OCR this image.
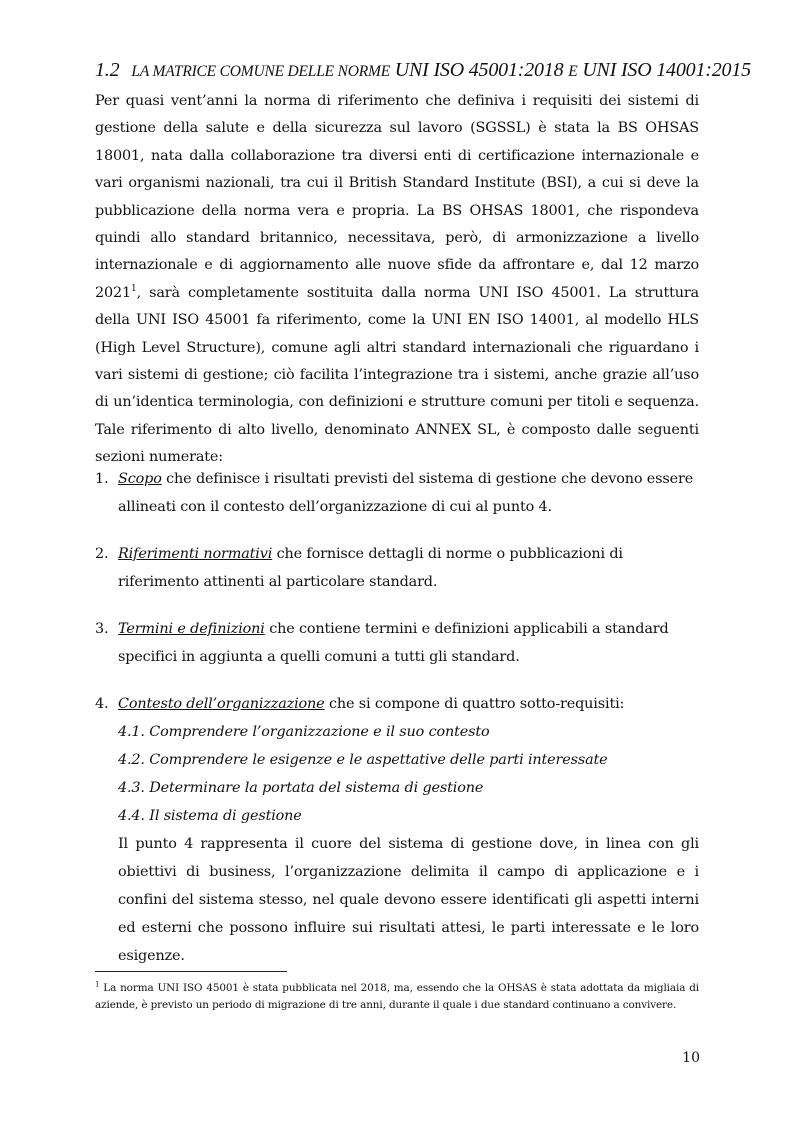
1.2 LA MATRICE COMUNE DELLE NORME UNI ISO 45001:2018 E UNI ISO 14001:2015
Per quasi vent’anni la norma di riferimento che definiva i requisiti dei sistemi di gestione della salute e della sicurezza sul lavoro (SGSSL) è stata la BS OHSAS 18001, nata dalla collaborazione tra diversi enti di certificazione internazionale e vari organismi nazionali, tra cui il British Standard Institute (BSI), a cui si deve la pubblicazione della norma vera e propria. La BS OHSAS 18001, che rispondeva quindi allo standard britannico, necessitava, però, di armonizzazione a livello internazionale e di aggiornamento alle nuove sfide da affrontare e, dal 12 marzo 2021$^1$, sarà completamente sostituita dalla norma UNI ISO 45001. La struttura della UNI ISO 45001 fa riferimento, come la UNI EN ISO 14001, al modello HLS (High Level Structure), comune agli altri standard internazionali che riguardano i vari sistemi di gestione; ciò facilita l’integrazione tra i sistemi, anche grazie all’uso di un’identica terminologia, con definizioni e strutture comuni per titoli e sequenza. Tale riferimento di alto livello, denominato ANNEX SL, è composto dalle seguenti sezioni numerate:
1. Scopo che definisce i risultati previsti del sistema di gestione che devono essere allineati con il contesto dell’organizzazione di cui al punto 4.
2. Riferimenti normativi che fornisce dettagli di norme o pubblicazioni di riferimento attinenti al particolare standard.
3. Termini e definizioni che contiene termini e definizioni applicabili a standard specifici in aggiunta a quelli comuni a tutti gli standard.
4. Contesto dell’organizzazione che si compone di quattro sotto-requisiti:
4.1. Comprendere l’organizzazione e il suo contesto
4.2. Comprendere le esigenze e le aspettative delle parti interessate
4.3. Determinare la portata del sistema di gestione
4.4. Il sistema di gestione
Il punto 4 rappresenta il cuore del sistema di gestione dove, in linea con gli obiettivi di business, l’organizzazione delimita il campo di applicazione e i confini del sistema stesso, nel quale devono essere identificati gli aspetti interni ed esterni che possono influire sui risultati attesi, le parti interessate e le loro esigenze.
$^1$ La norma UNI ISO 45001 è stata pubblicata nel 2018, ma, essendo che la OHSAS è stata adottata da migliaia di aziende, è previsto un periodo di migrazione di tre anni, durante il quale i due standard continuano a convivere.
10
